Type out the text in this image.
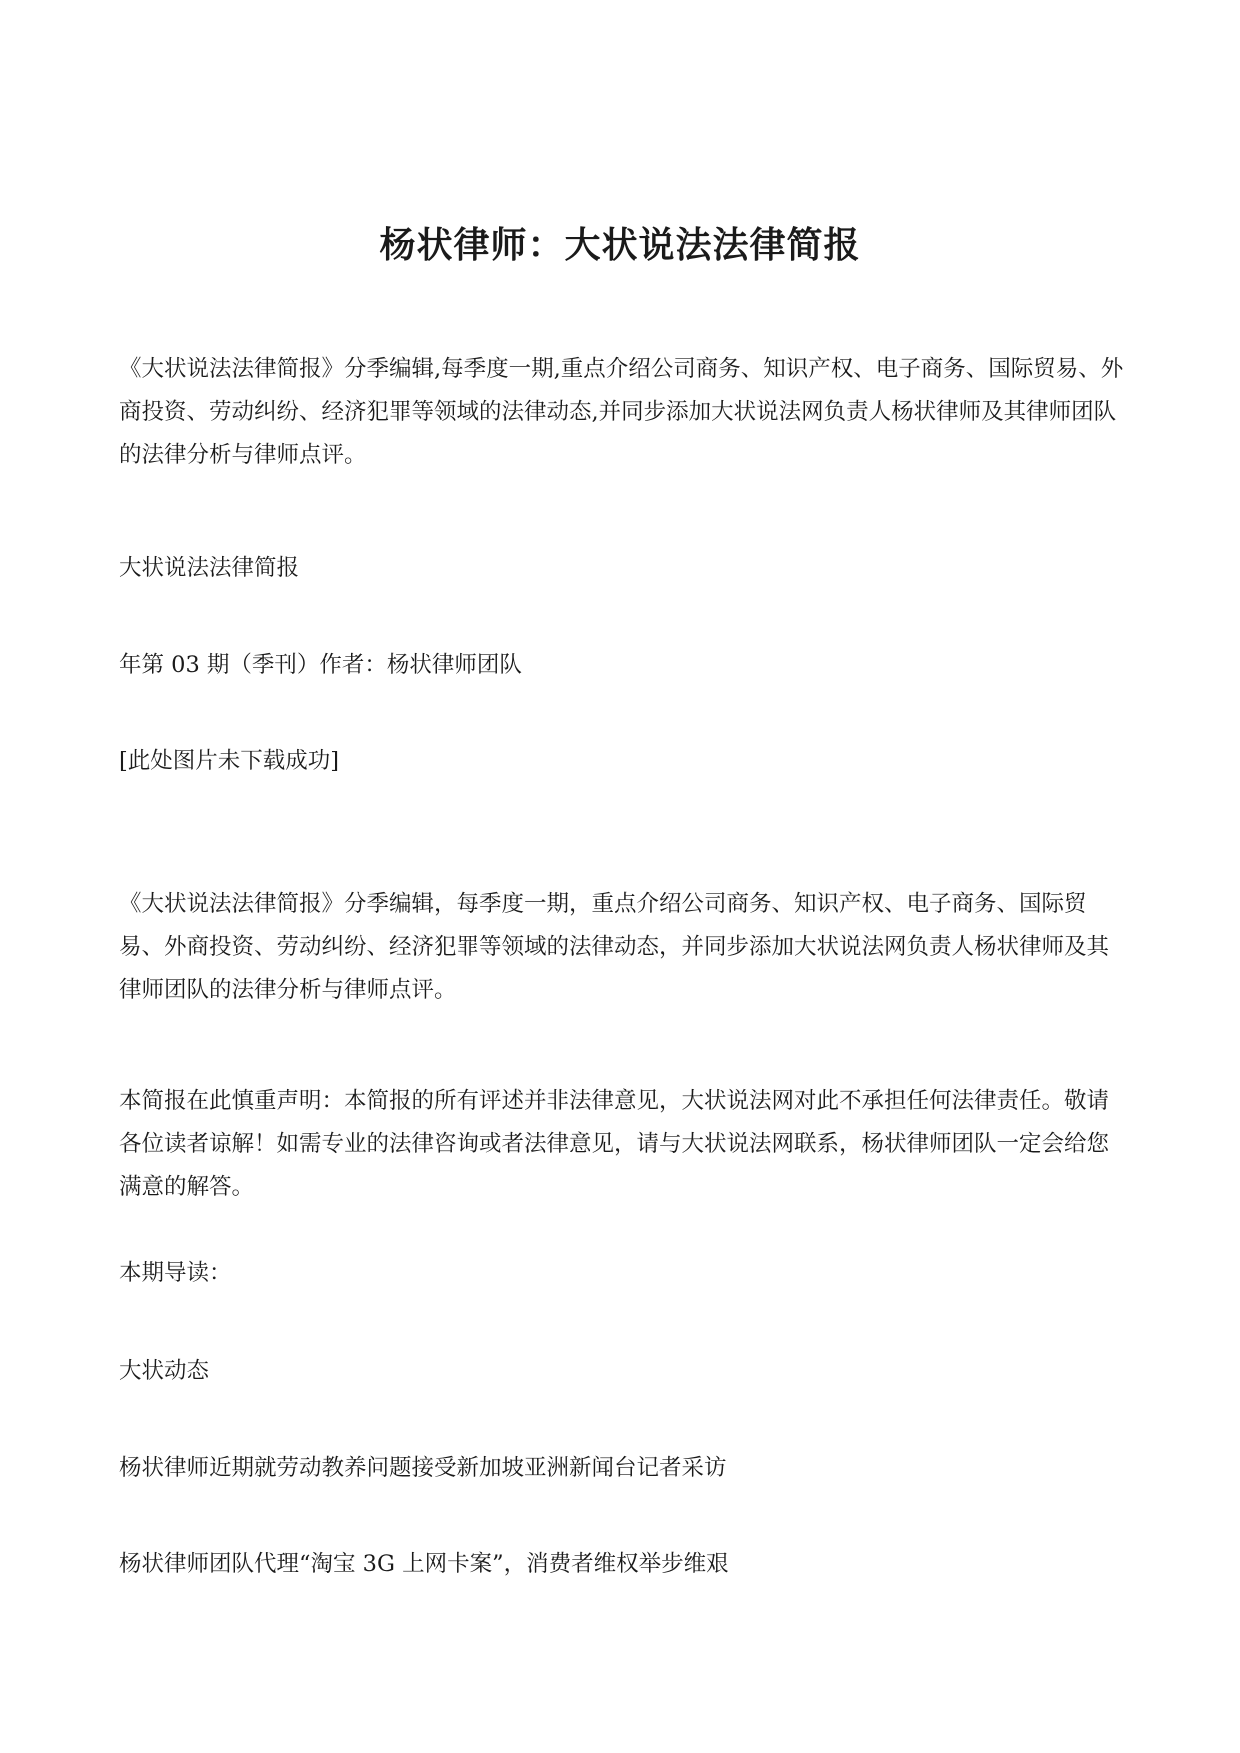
杨状律师：大状说法法律简报

《大状说法法律简报》分季编辑,每季度一期,重点介绍公司商务、知识产权、电子商务、国际贸易、外商投资、劳动纠纷、经济犯罪等领域的法律动态,并同步添加大状说法网负责人杨状律师及其律师团队的法律分析与律师点评。

大状说法法律简报

年第 03 期（季刊）作者：杨状律师团队

[此处图片未下载成功]

《大状说法法律简报》分季编辑，每季度一期，重点介绍公司商务、知识产权、电子商务、国际贸易、外商投资、劳动纠纷、经济犯罪等领域的法律动态，并同步添加大状说法网负责人杨状律师及其律师团队的法律分析与律师点评。

本简报在此慎重声明：本简报的所有评述并非法律意见，大状说法网对此不承担任何法律责任。敬请各位读者谅解！如需专业的法律咨询或者法律意见，请与大状说法网联系，杨状律师团队一定会给您满意的解答。

本期导读：

大状动态

杨状律师近期就劳动教养问题接受新加坡亚洲新闻台记者采访

杨状律师团队代理“淘宝 3G 上网卡案”，消费者维权举步维艰
